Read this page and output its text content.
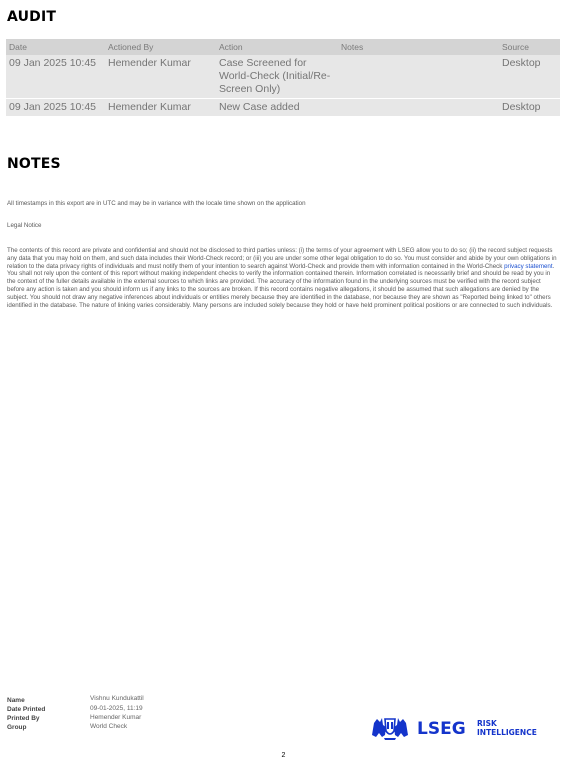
AUDIT
Date	Actioned By	Action	Notes	Source
09 Jan 2025 10:45	Hemender Kumar	Case Screened for World-Check (Initial/Re-Screen Only)		Desktop

09 Jan 2025 10:45	Hemender Kumar	New Case added		Desktop
NOTES
All timestamps in this export are in UTC and may be in variance with the locale time shown on the application
Legal Notice
The contents of this record are private and confidential and should not be disclosed to third parties unless: (i) the terms of your agreement with LSEG allow you to do so; (ii) the record subject requests any data that you may hold on them, and such data includes their World-Check record; or (iii) you are under some other legal obligation to do so. You must consider and abide by your own obligations in relation to the data privacy rights of individuals and must notify them of your intention to search against World-Check and provide them with information contained in the World-Check privacy statement. You shall not rely upon the content of this report without making independent checks to verify the information contained therein. Information correlated is necessarily brief and should be read by you in the context of the fuller details available in the external sources to which links are provided. The accuracy of the information found in the underlying sources must be verified with the record subject before any action is taken and you should inform us if any links to the sources are broken. If this record contains negative allegations, it should be assumed that such allegations are denied by the subject. You should not draw any negative inferences about individuals or entities merely because they are identified in the database, nor because they are shown as "Reported being linked to" others identified in the database. The nature of linking varies considerably. Many persons are included solely because they hold or have held prominent political positions or are connected to such individuals.
Name	Vishnu Kundukattil
Date Printed	09-01-2025, 11:19
Printed By	Hemender Kumar
Group	World Check	LSEG RISK
INTELLIGENCE
2
